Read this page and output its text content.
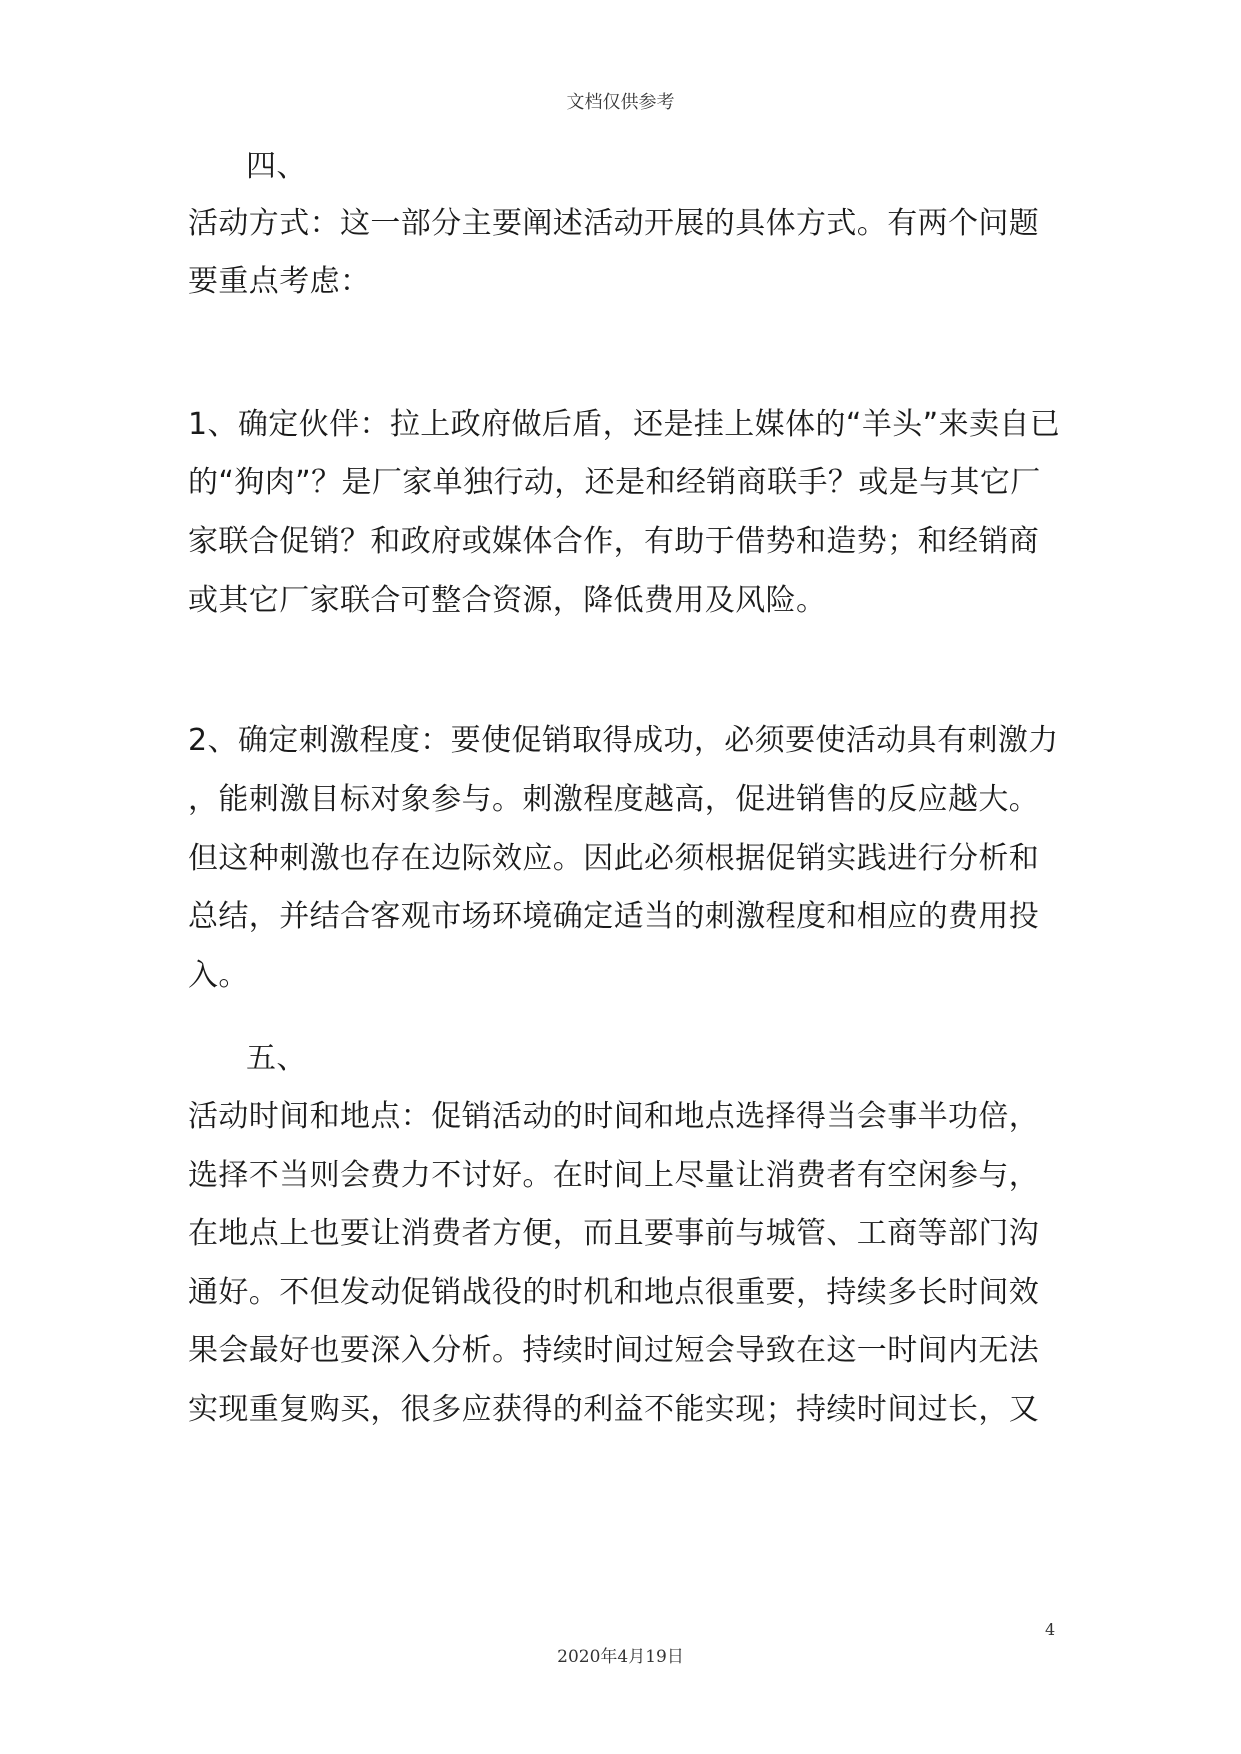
文档仅供参考
四、
活动方式：这一部分主要阐述活动开展的具体方式。有两个问题
要重点考虑：
1、确定伙伴：拉上政府做后盾，还是挂上媒体的“羊头”来卖自已
的“狗肉”？是厂家单独行动，还是和经销商联手？或是与其它厂
家联合促销？和政府或媒体合作，有助于借势和造势；和经销商
或其它厂家联合可整合资源，降低费用及风险。
2、确定刺激程度：要使促销取得成功，必须要使活动具有刺激力
，能刺激目标对象参与。刺激程度越高，促进销售的反应越大。
但这种刺激也存在边际效应。因此必须根据促销实践进行分析和
总结，并结合客观市场环境确定适当的刺激程度和相应的费用投
入。
五、
活动时间和地点：促销活动的时间和地点选择得当会事半功倍，
选择不当则会费力不讨好。在时间上尽量让消费者有空闲参与，
在地点上也要让消费者方便，而且要事前与城管、工商等部门沟
通好。不但发动促销战役的时机和地点很重要，持续多长时间效
果会最好也要深入分析。持续时间过短会导致在这一时间内无法
实现重复购买，很多应获得的利益不能实现；持续时间过长，又
4
2020年4月19日
